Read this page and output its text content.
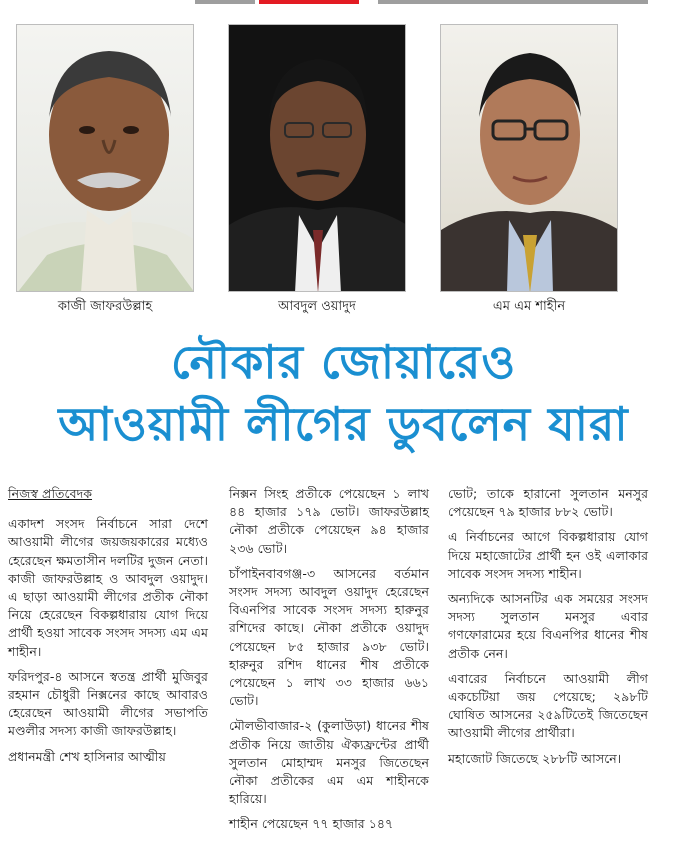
কাজী জাফরউল্লাহ	আবদুল ওয়াদুদ	এম এম শাহীন
নৌকার জোয়ারেও
আওয়ামী লীগের ডুবলেন যারা

নিজস্ব প্রতিবেদক

একাদশ সংসদ নির্বাচনে সারা দেশে আওয়ামী লীগের জয়জয়কারের মধ্যেও হেরেছেন ক্ষমতাসীন দলটির দুজন নেতা। কাজী জাফরউল্লাহ ও আবদুল ওয়াদুদ। এ ছাড়া আওয়ামী লীগের প্রতীক নৌকা নিয়ে হেরেছেন বিকল্পধারায় যোগ দিয়ে প্রার্থী হওয়া সাবেক সংসদ সদস্য এম এম শাহীন।

ফরিদপুর-৪ আসনে স্বতন্ত্র প্রার্থী মুজিবুর রহমান চৌধুরী নিক্সনের কাছে আবারও হেরেছেন আওয়ামী লীগের সভাপতি মণ্ডলীর সদস্য কাজী জাফরউল্লাহ।

প্রধানমন্ত্রী শেখ হাসিনার আত্মীয়

নিক্সন সিংহ প্রতীকে পেয়েছেন ১ লাখ ৪৪ হাজার ১৭৯ ভোট। জাফরউল্লাহ নৌকা প্রতীকে পেয়েছেন ৯৪ হাজার ২৩৬ ভোট।

চাঁপাইনবাবগঞ্জ-৩ আসনের বর্তমান সংসদ সদস্য আবদুল ওয়াদুদ হেরেছেন বিএনপির সাবেক সংসদ সদস্য হারুনুর রশিদের কাছে। নৌকা প্রতীকে ওয়াদুদ পেয়েছেন ৮৫ হাজার ৯৩৮ ভোট। হারুনুর রশিদ ধানের শীষ প্রতীকে পেয়েছেন ১ লাখ ৩৩ হাজার ৬৬১ ভোট।

মৌলভীবাজার-২ (কুলাউড়া) ধানের শীষ প্রতীক নিয়ে জাতীয় ঐক্যফ্রন্টের প্রার্থী সুলতান মোহাম্মদ মনসুর জিতেছেন নৌকা প্রতীকের এম এম শাহীনকে হারিয়ে।

শাহীন পেয়েছেন ৭৭ হাজার ১৪৭

ভোট; তাকে হারানো সুলতান মনসুর পেয়েছেন ৭৯ হাজার ৮৮২ ভোট।

এ নির্বাচনের আগে বিকল্পধারায় যোগ দিয়ে মহাজোটের প্রার্থী হন ওই এলাকার সাবেক সংসদ সদস্য শাহীন।

অন্যদিকে আসনটির এক সময়ের সংসদ সদস্য সুলতান মনসুর এবার গণফোরামের হয়ে বিএনপির ধানের শীষ প্রতীক নেন।

এবারের নির্বাচনে আওয়ামী লীগ একচেটিয়া জয় পেয়েছে; ২৯৮টি ঘোষিত আসনের ২৫৯টিতেই জিতেছেন আওয়ামী লীগের প্রার্থীরা।

মহাজোট জিতেছে ২৮৮টি আসনে।
